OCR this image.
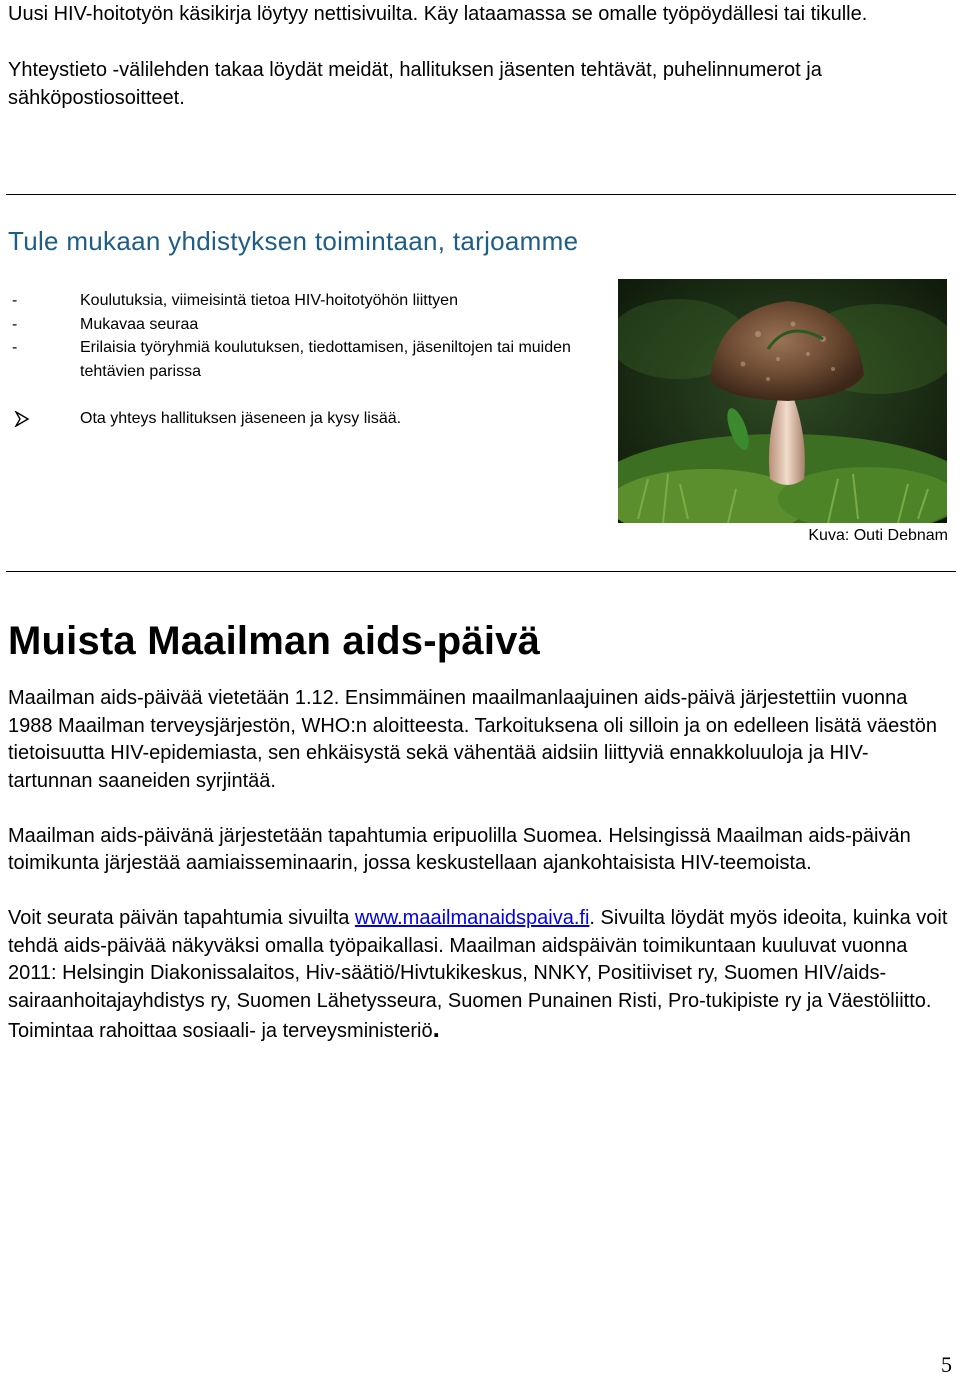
Uusi HIV-hoitotyön käsikirja löytyy nettisivuilta. Käy lataamassa se omalle työpöydällesi tai tikulle.

Yhteystieto -välilehden takaa löydät meidät, hallituksen jäsenten tehtävät, puhelinnumerot ja sähköpostiosoitteet.

Tule mukaan yhdistyksen toimintaan, tarjoamme
-	Koulutuksia, viimeisintä tietoa HIV-hoitotyöhön liittyen
-	Mukavaa seuraa
-	Erilaisia työryhmiä koulutuksen, tiedottamisen, jäseniltojen tai muiden tehtävien parissa
Ota yhteys hallituksen jäseneen ja kysy lisää.
Kuva: Outi Debnam
Muista Maailman aids-päivä

Maailman aids-päivää vietetään 1.12. Ensimmäinen maailmanlaajuinen aids-päivä järjestettiin vuonna 1988 Maailman terveysjärjestön, WHO:n aloitteesta. Tarkoituksena oli silloin ja on edelleen lisätä väestön tietoisuutta HIV-epidemiasta, sen ehkäisystä sekä vähentää aidsiin liittyviä ennakkoluuloja ja HIV-tartunnan saaneiden syrjintää.

Maailman aids-päivänä järjestetään tapahtumia eripuolilla Suomea. Helsingissä Maailman aids-päivän toimikunta järjestää aamiaisseminaarin, jossa keskustellaan ajankohtaisista HIV-teemoista.

Voit seurata päivän tapahtumia sivuilta www.maailmanaidspaiva.fi. Sivuilta löydät myös ideoita, kuinka voit tehdä aids-päivää näkyväksi omalla työpaikallasi. Maailman aidspäivän toimikuntaan kuuluvat vuonna 2011: Helsingin Diakonissalaitos, Hiv-säätiö/Hivtukikeskus, NNKY, Positiiviset ry, Suomen HIV/aids-sairaanhoitajayhdistys ry, Suomen Lähetysseura, Suomen Punainen Risti, Pro-tukipiste ry ja Väestöliitto. Toimintaa rahoittaa sosiaali- ja terveysministeriö.

5
